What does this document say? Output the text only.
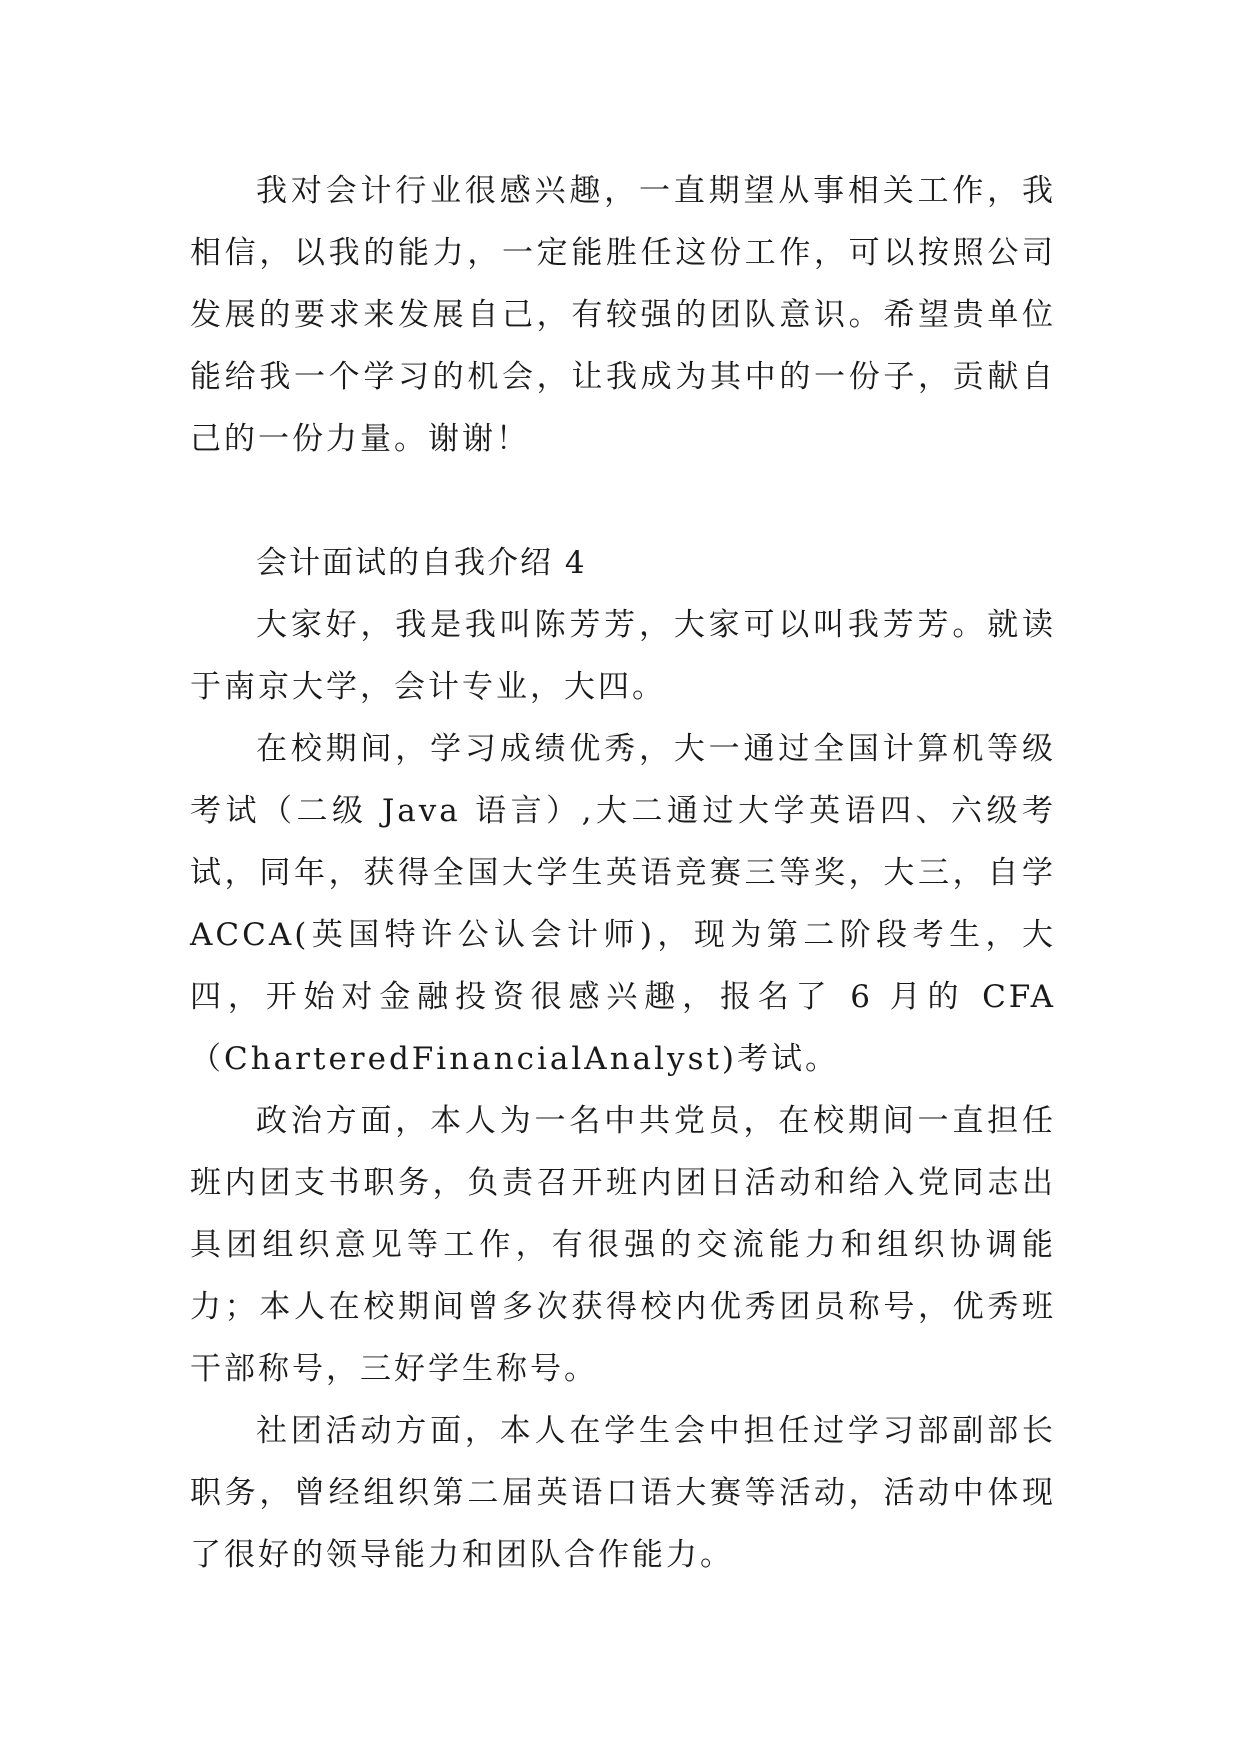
我对会计行业很感兴趣，一直期望从事相关工作，我相信，以我的能力，一定能胜任这份工作，可以按照公司发展的要求来发展自己，有较强的团队意识。希望贵单位能给我一个学习的机会，让我成为其中的一份子，贡献自己的一份力量。谢谢！

会计面试的自我介绍 4

大家好，我是我叫陈芳芳，大家可以叫我芳芳。就读于南京大学，会计专业，大四。

在校期间，学习成绩优秀，大一通过全国计算机等级考试（二级 Java 语言）,大二通过大学英语四、六级考试，同年，获得全国大学生英语竞赛三等奖，大三，自学 ACCA(英国特许公认会计师)，现为第二阶段考生，大四，开始对金融投资很感兴趣，报名了 6 月的 CFA（CharteredFinancialAnalyst)考试。

政治方面，本人为一名中共党员，在校期间一直担任班内团支书职务，负责召开班内团日活动和给入党同志出具团组织意见等工作，有很强的交流能力和组织协调能力；本人在校期间曾多次获得校内优秀团员称号，优秀班干部称号，三好学生称号。

社团活动方面，本人在学生会中担任过学习部副部长职务，曾经组织第二届英语口语大赛等活动，活动中体现了很好的领导能力和团队合作能力。
